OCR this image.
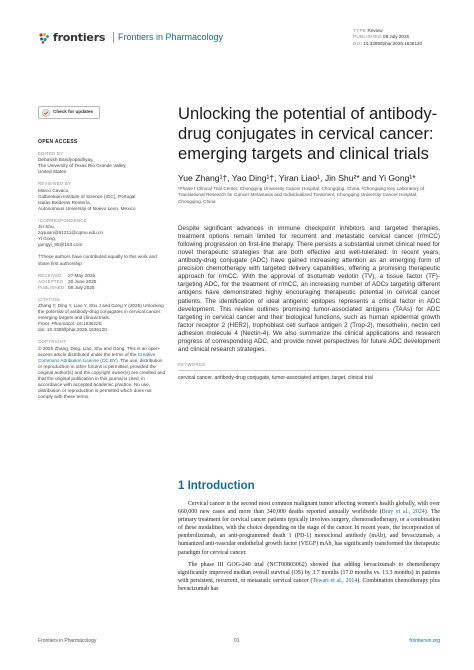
frontiers Frontiers in Pharmacology
TYPE Review
PUBLISHED 08 July 2025
DOI 10.3389/fphar.2025.1636120
Check for updates
OPEN ACCESS
EDITED BY
Debasish Bandyopadhyay,
The University of Texas Rio Grande Valley,
United States
REVIEWED BY
Marco Cavaco,
Gulbenkian Institute of Science (IGC), Portugal
Isaías Balderas Rentería,
Autonomous University of Nuevo Leon, Mexico
*CORRESPONDENCE
Jin Shu,
zqsuxin@51211@cqmu.edu.cn
Yi Gong,
gongyi_95@163.com
†These authors have contributed equally to this work and share first authorship
RECEIVED	27 May 2025
ACCEPTED	30 June 2025
PUBLISHED 08 July 2025
CITATION
Zhang Y, Ding Y, Liao Y, Shu J and Gong Y (2025) Unlocking the potential of antibody-drug conjugates in cervical cancer: emerging targets and clinical trials.
Front. Pharmacol. 16:1636120.
doi: 10.3389/fphar.2025.1636120
COPYRIGHT
© 2025 Zhang, Ding, Liao, Shu and Gong. This is an open-access article distributed under the terms of the Creative Commons Attribution License (CC BY). The use, distribution or reproduction in other forums is permitted, provided the original author(s) and the copyright owner(s) are credited and that the original publication in this journal is cited, in accordance with accepted academic practice. No use, distribution or reproduction is permitted which does not comply with these terms.
Unlocking the potential of antibody-drug conjugates in cervical cancer: emerging targets and clinical trials
Yue Zhang¹†, Yao Ding¹†, Yiran Liao¹, Jin Shu²* and Yi Gong¹*
¹Phase I Clinical Trial Center, Chongqing University Cancer Hospital, Chongqing, China, ²Chongqing Key Laboratory of Translational Research for Cancer Metastasis and Individualized Treatment, Chongqing University Cancer Hospital, Chongqing, China
Despite significant advances in immune checkpoint inhibitors and targeted therapies, treatment options remain limited for recurrent and metastatic cervical cancer (r/mCC) following progression on first-line therapy. There persists a substantial unmet clinical need for novel therapeutic strategies that are both effective and well-tolerated. In recent years, antibody-drug conjugate (ADC) have gained increasing attention as an emerging form of precision chemotherapy with targeted delivery capabilities, offering a promising therapeutic approach for r/mCC. With the approval of tisotumab vedotin (TV), a tissue factor (TF)-targeting ADC, for the treatment of r/mCC, an increasing number of ADCs targeting different antigens have demonstrated highly encouraging therapeutic potential in cervical cancer patients. The identification of ideal antigenic epitopes represents a critical factor in ADC development. This review outlines promising tumor-associated antigens (TAAs) for ADC targeting in cervical cancer and their biological functions, such as human epidermal growth factor receptor 2 (HER2), trophoblast cell surface antigen 2 (Trop-2), mesothelin, nectin cell adhesion molecule 4 (Nectin-4). We also summarize the clinical applications and research progress of corresponding ADC, and provide novel perspectives for future ADC development and clinical research strategies.
KEYWORDS
cervical cancer, antibody-drug conjugate, tumor-associated antigen, target, clinical trial
1 Introduction

Cervical cancer is the second most common malignant tumor affecting women's health globally, with over 660,000 new cases and more than 340,000 deaths reported annually worldwide (Bray et al., 2024). The primary treatment for cervical cancer patients typically involves surgery, chemoradiotherapy, or a combination of these modalities, with the choice depending on the stage of the cancer. In recent years, the incorporation of pembrolizumab, an anti-programmed death 1 (PD-1) monoclonal antibody (mAb), and bevacizumab, a humanized anti-vascular endothelial growth factor (VEGF) mAb, has significantly transformed the therapeutic paradigm for cervical cancer.

The phase III GOG-240 trial (NCT00803062) showed that adding bevacizumab to chemotherapy significantly improved median overall survival (OS) by 3.7 months (17.0 months vs. 13.3 months) in patients with persistent, recurrent, or metastatic cervical cancer (Tewari et al., 2014). Combination chemotherapy plus bevacizumab has

Frontiers in Pharmacology	01	frontiersin.org
